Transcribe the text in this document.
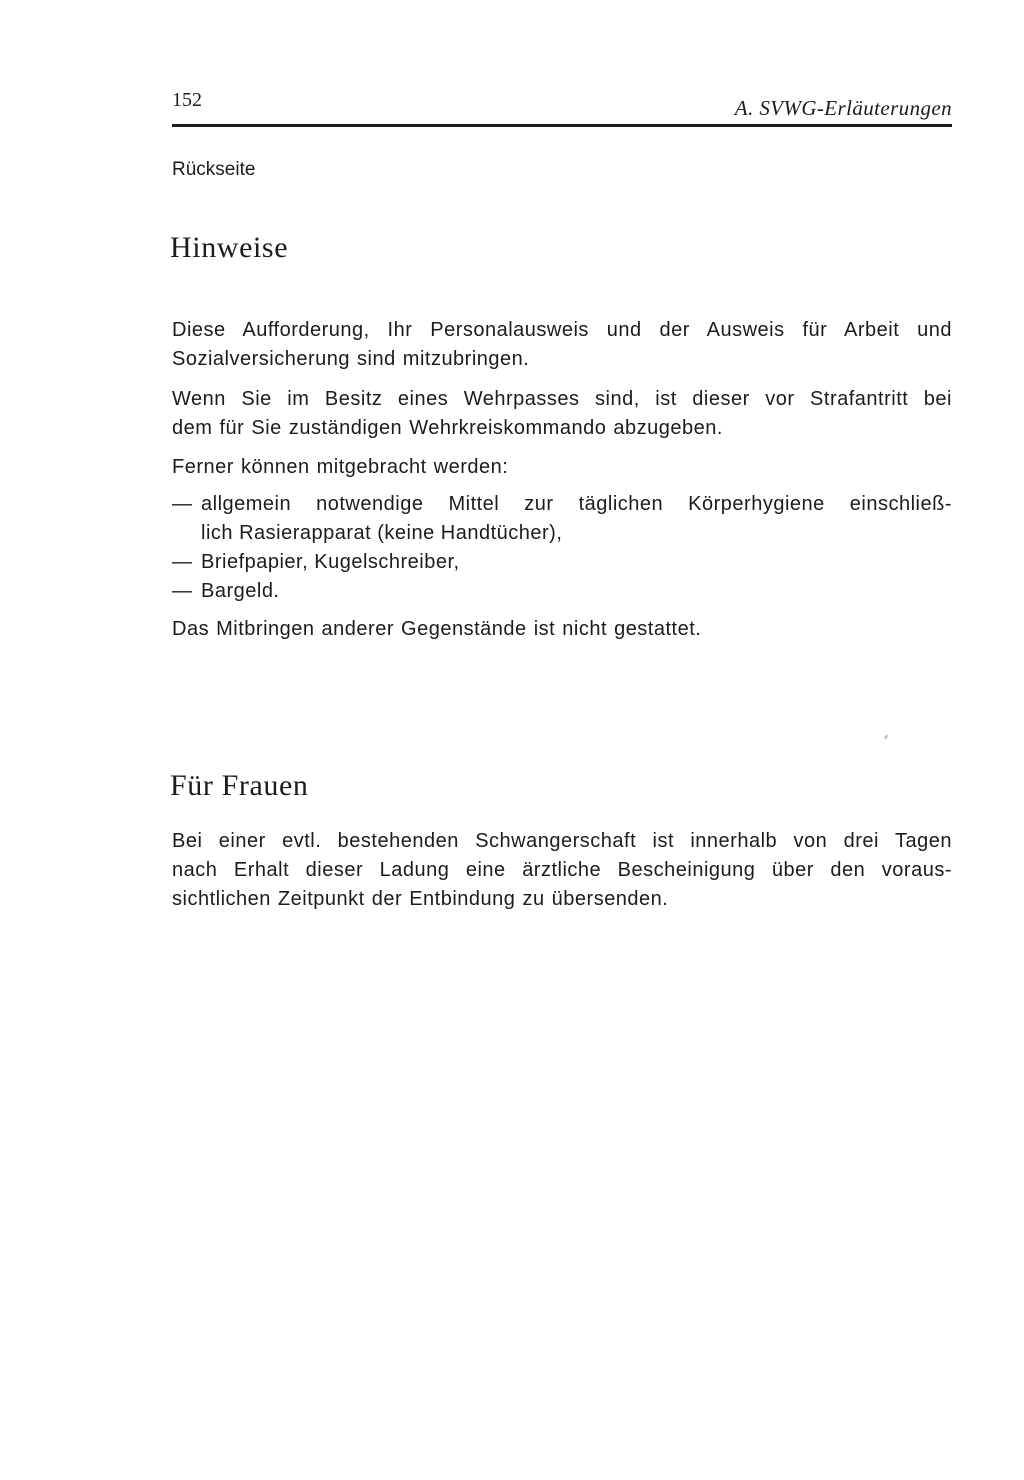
152	A. SVWG-Erläuterungen
Rückseite
Hinweise

Diese Aufforderung, Ihr Personalausweis und der Ausweis für Arbeit und
Sozialversicherung sind mitzubringen.

Wenn Sie im Besitz eines Wehrpasses sind, ist dieser vor Strafantritt bei
dem für Sie zuständigen Wehrkreiskommando abzugeben.

Ferner können mitgebracht werden:

— allgemein notwendige Mittel zur täglichen Körperhygiene einschließ-
lich Rasierapparat (keine Handtücher),
— Briefpapier, Kugelschreiber,
— Bargeld.

Das Mitbringen anderer Gegenstände ist nicht gestattet.

Für Frauen

Bei einer evtl. bestehenden Schwangerschaft ist innerhalb von drei Tagen
nach Erhalt dieser Ladung eine ärztliche Bescheinigung über den voraus-
sichtlichen Zeitpunkt der Entbindung zu übersenden.
